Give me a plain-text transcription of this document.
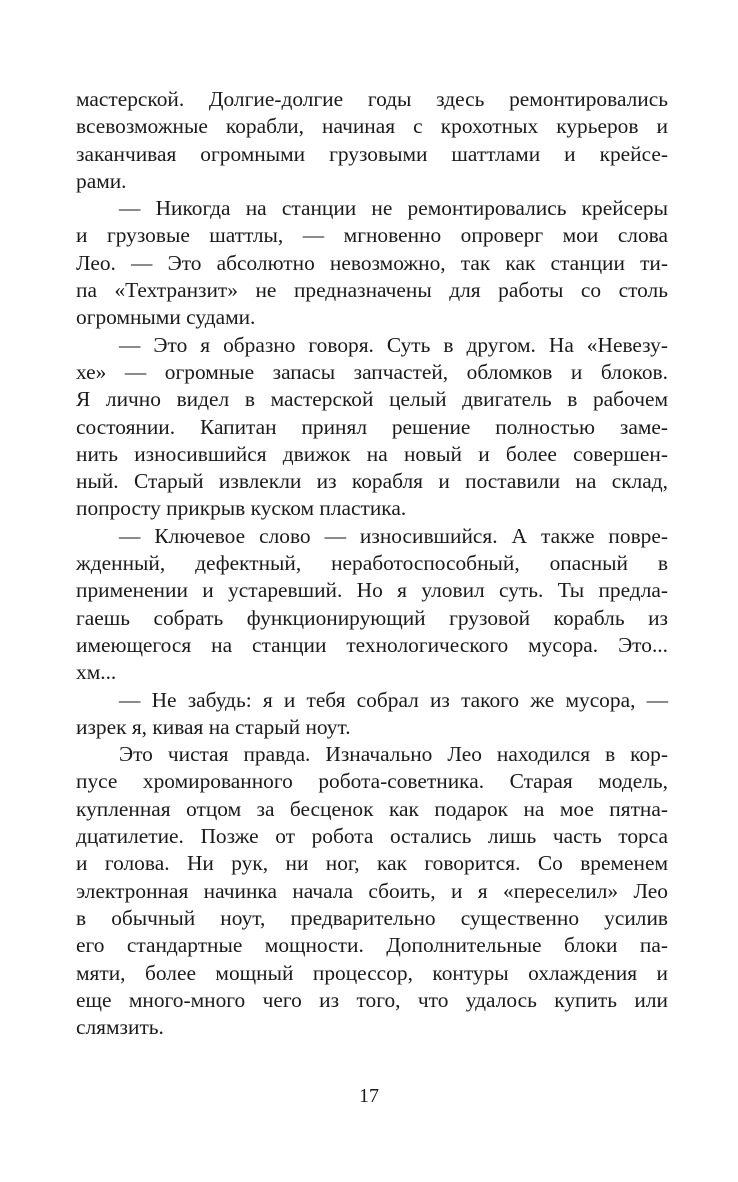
мастерской. Долгие-долгие годы здесь ремонтировались
всевозможные корабли, начиная с крохотных курьеров и
заканчивая огромными грузовыми шаттлами и крейсе-
рами.
— Никогда на станции не ремонтировались крейсеры
и грузовые шаттлы, — мгновенно опроверг мои слова
Лео. — Это абсолютно невозможно, так как станции ти-
па «Техтранзит» не предназначены для работы со столь
огромными судами.
— Это я образно говоря. Суть в другом. На «Невезу-
хе» — огромные запасы запчастей, обломков и блоков.
Я лично видел в мастерской целый двигатель в рабочем
состоянии. Капитан принял решение полностью заме-
нить износившийся движок на новый и более совершен-
ный. Старый извлекли из корабля и поставили на склад,
попросту прикрыв куском пластика.
— Ключевое слово — износившийся. А также повре-
жденный, дефектный, неработоспособный, опасный в
применении и устаревший. Но я уловил суть. Ты предла-
гаешь собрать функционирующий грузовой корабль из
имеющегося на станции технологического мусора. Это...
хм...
— Не забудь: я и тебя собрал из такого же мусора, —
изрек я, кивая на старый ноут.
Это чистая правда. Изначально Лео находился в кор-
пусе хромированного робота-советника. Старая модель,
купленная отцом за бесценок как подарок на мое пятна-
дцатилетие. Позже от робота остались лишь часть торса
и голова. Ни рук, ни ног, как говорится. Со временем
электронная начинка начала сбоить, и я «переселил» Лео
в обычный ноут, предварительно существенно усилив
его стандартные мощности. Дополнительные блоки па-
мяти, более мощный процессор, контуры охлаждения и
еще много-много чего из того, что удалось купить или
слямзить.
17
